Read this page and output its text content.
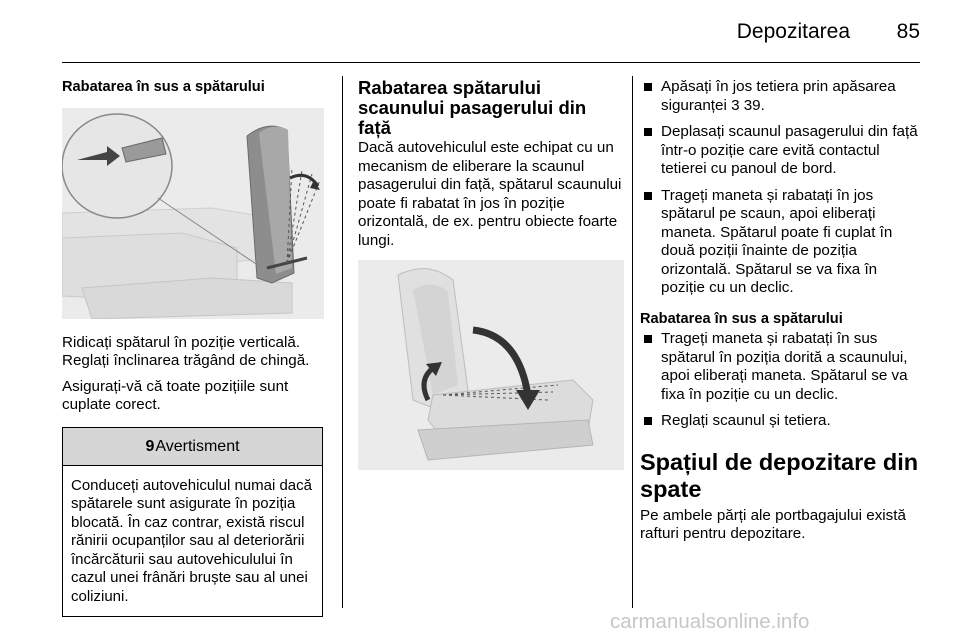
Depozitarea 85
Rabatarea în sus a spătarului

Ridicați spătarul în poziție verticală. Reglați înclinarea trăgând de chingă.

Asigurați-vă că toate pozițiile sunt cuplate corect.

9Avertisment
Conduceți autovehiculul numai dacă spătarele sunt asigurate în poziția blocată. În caz contrar, există riscul rănirii ocupanților sau al deteriorării încărcăturii sau autovehiculului în cazul unei frânări bruște sau al unei coliziuni.
Rabatarea spătarului scaunului pasagerului din față

Dacă autovehiculul este echipat cu un mecanism de eliberare la scaunul pasagerului din față, spătarul scaunului poate fi rabatat în jos în poziție orizontală, de ex. pentru obiecte foarte lungi.

Apăsați în jos tetiera prin apăsarea siguranței 3 39.
Deplasați scaunul pasagerului din față într-o poziție care evită contactul tetierei cu panoul de bord.
Trageți maneta și rabatați în jos spătarul pe scaun, apoi eliberați maneta. Spătarul poate fi cuplat în două poziții înainte de poziția orizontală. Spătarul se va fixa în poziție cu un declic.
Rabatarea în sus a spătarului
Trageți maneta și rabatați în sus spătarul în poziția dorită a scaunului, apoi eliberați maneta. Spătarul se va fixa în poziție cu un declic.
Reglați scaunul și tetiera.
Spațiul de depozitare din spate

Pe ambele părți ale portbagajului există rafturi pentru depozitare.

carmanualsonline.info
